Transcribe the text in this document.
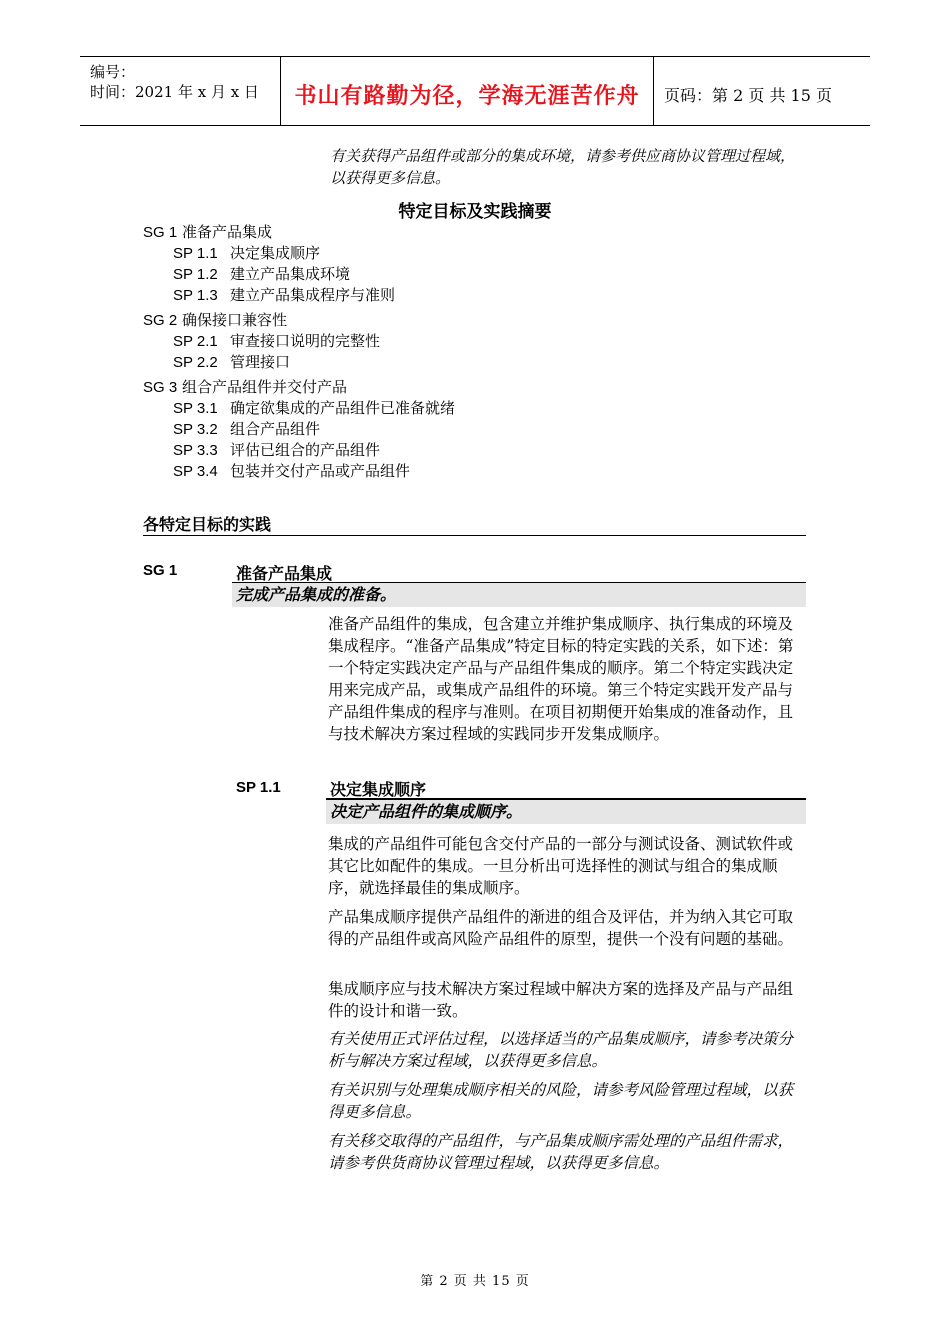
编号：
时间：2021 年 x 月 x 日	书山有路勤为径，学海无涯苦作舟	页码：第 2 页 共 15 页
有关获得产品组件或部分的集成环境，请参考供应商协议管理过程域，以获得更多信息。
特定目标及实践摘要
SG 1 准备产品集成
SP 1.1 决定集成顺序
SP 1.2 建立产品集成环境
SP 1.3 建立产品集成程序与准则
SG 2 确保接口兼容性
SP 2.1 审查接口说明的完整性
SP 2.2 管理接口
SG 3 组合产品组件并交付产品
SP 3.1 确定欲集成的产品组件已准备就绪
SP 3.2 组合产品组件
SP 3.3 评估已组合的产品组件
SP 3.4 包装并交付产品或产品组件
各特定目标的实践
SG 1	准备产品集成
完成产品集成的准备。
准备产品组件的集成，包含建立并维护集成顺序、执行集成的环境及集成程序。“准备产品集成”特定目标的特定实践的关系，如下述：第一个特定实践决定产品与产品组件集成的顺序。第二个特定实践决定用来完成产品，或集成产品组件的环境。第三个特定实践开发产品与产品组件集成的程序与准则。在项目初期便开始集成的准备动作，且与技术解决方案过程域的实践同步开发集成顺序。
SP 1.1	决定集成顺序
决定产品组件的集成顺序。
集成的产品组件可能包含交付产品的一部分与测试设备、测试软件或其它比如配件的集成。一旦分析出可选择性的测试与组合的集成顺序，就选择最佳的集成顺序。
产品集成顺序提供产品组件的渐进的组合及评估，并为纳入其它可取得的产品组件或高风险产品组件的原型，提供一个没有问题的基础。
集成顺序应与技术解决方案过程域中解决方案的选择及产品与产品组件的设计和谐一致。
有关使用正式评估过程，以选择适当的产品集成顺序，请参考决策分析与解决方案过程域，以获得更多信息。
有关识别与处理集成顺序相关的风险，请参考风险管理过程域，以获得更多信息。
有关移交取得的产品组件，与产品集成顺序需处理的产品组件需求，请参考供货商协议管理过程域，以获得更多信息。
第 2 页 共 15 页
